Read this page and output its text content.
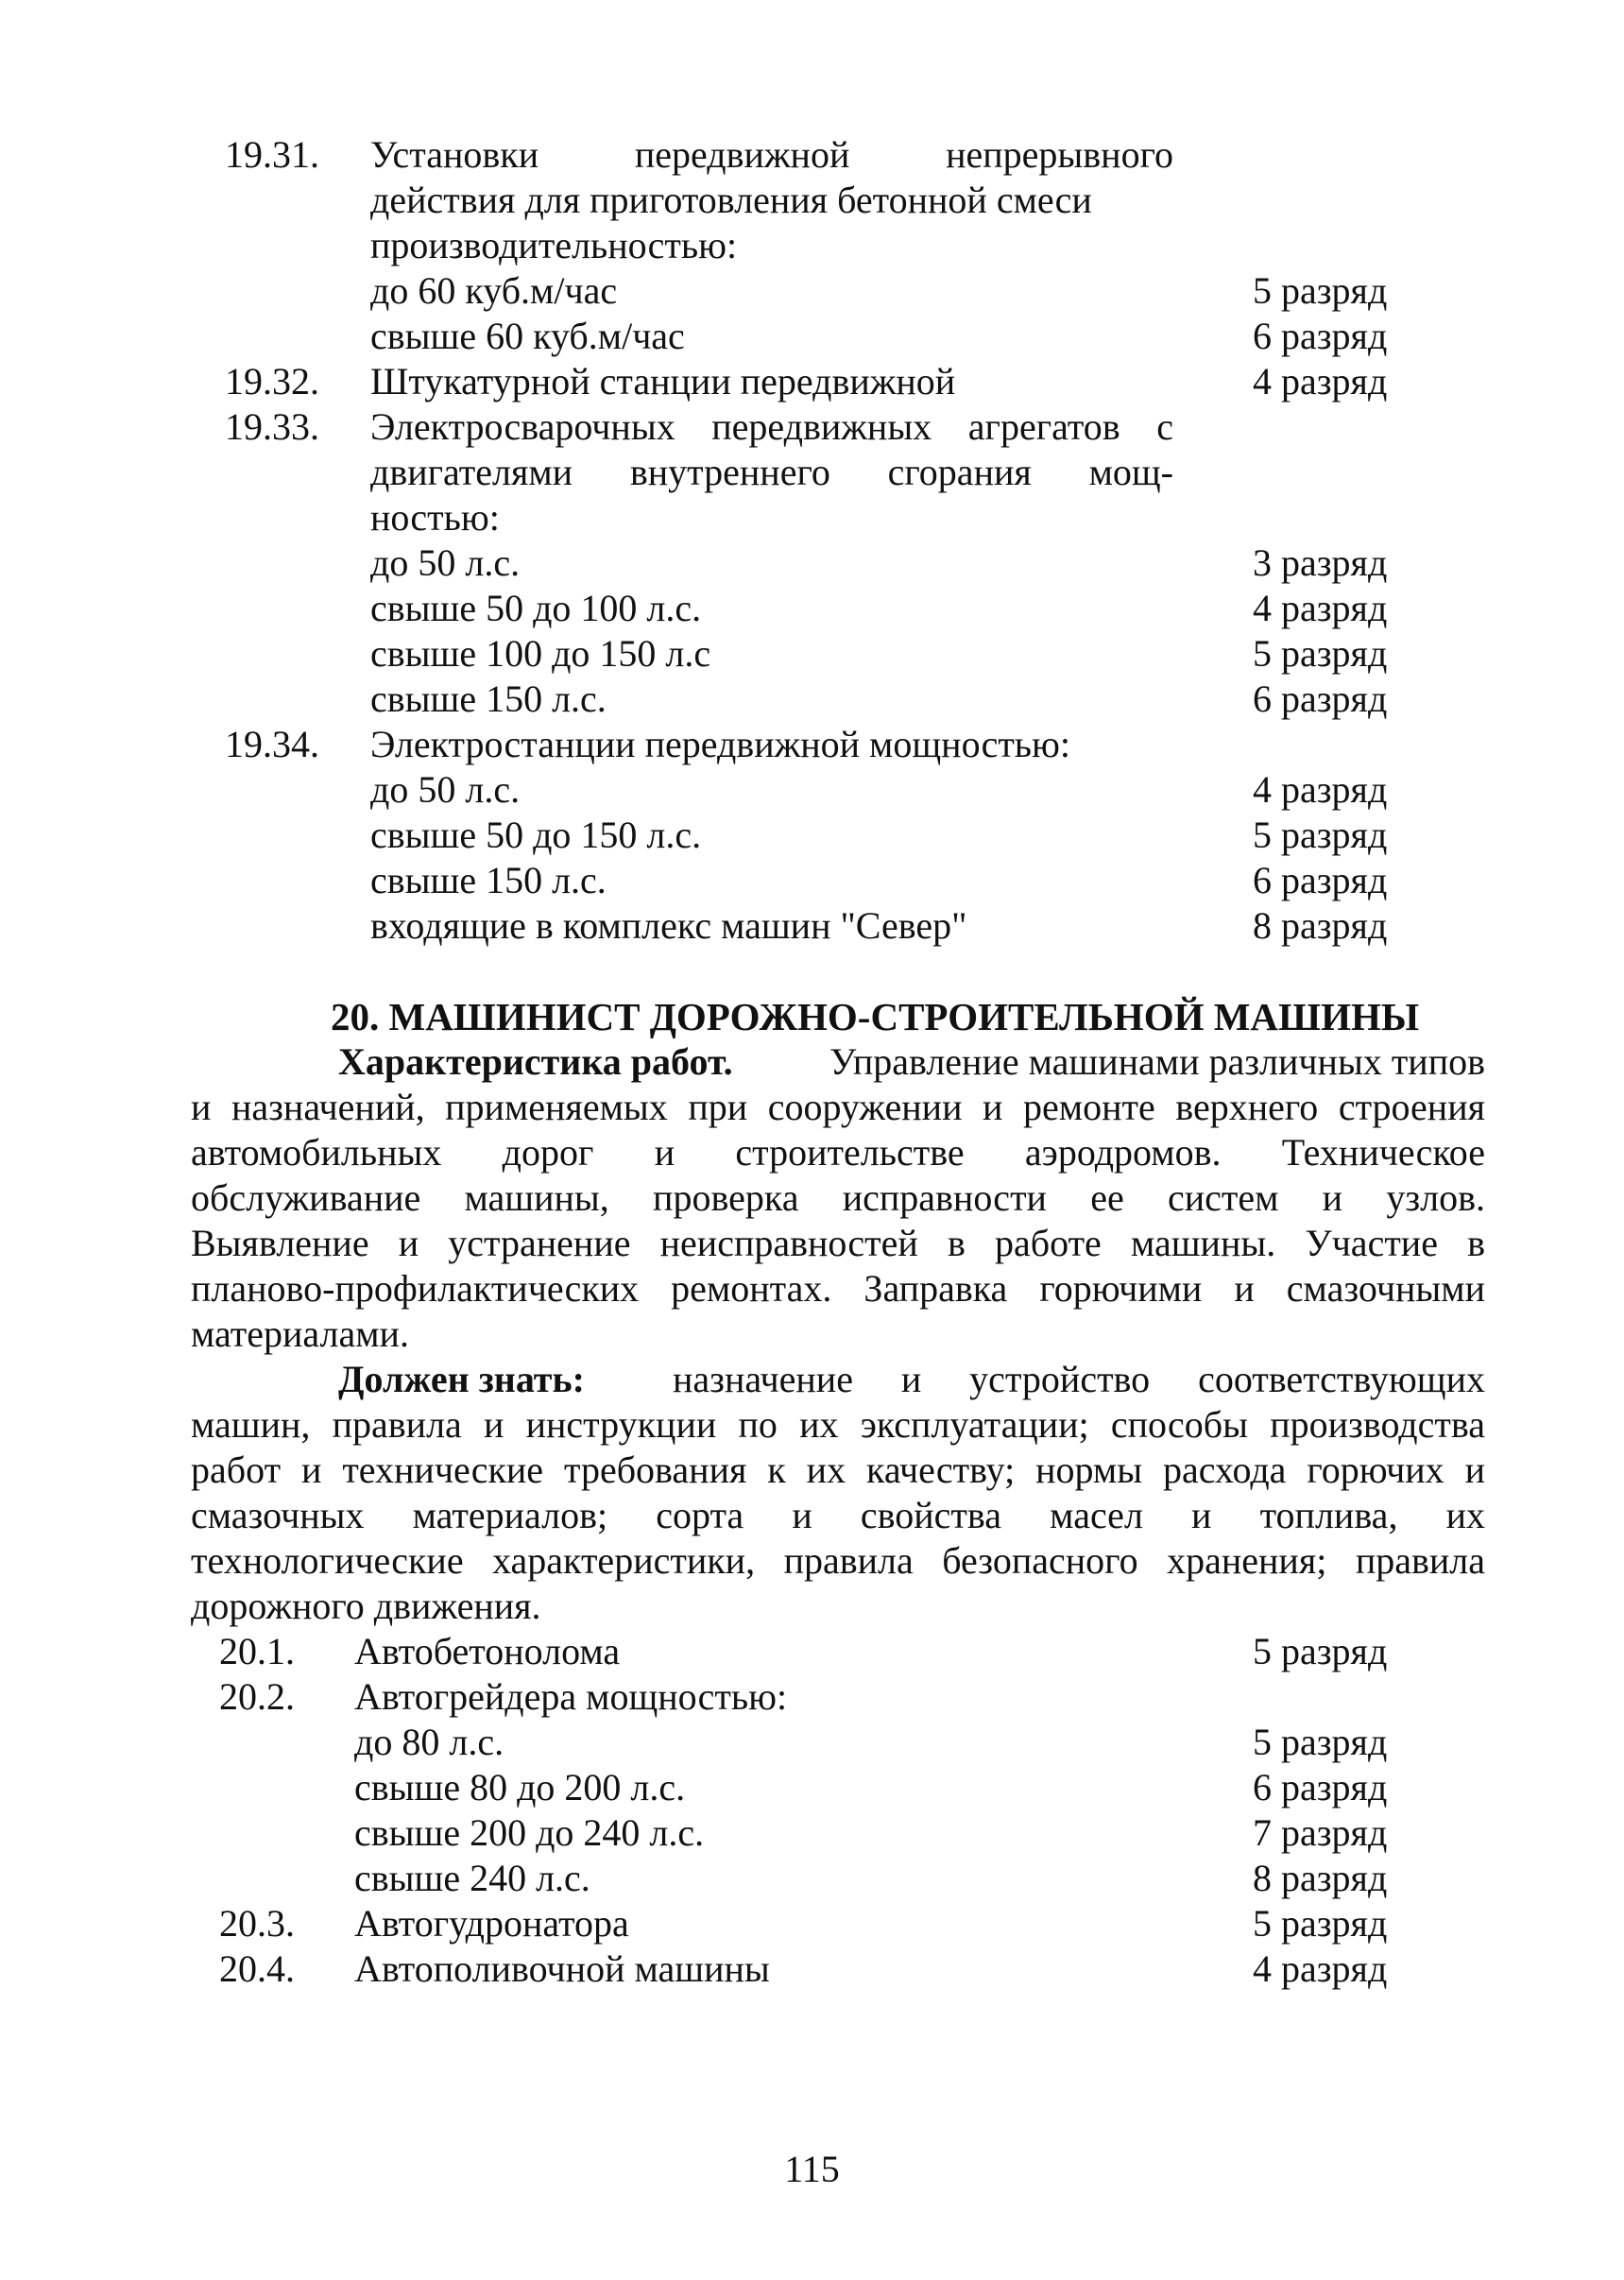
19.31. Установки передвижной непрерывного
действия для приготовления бетонной смеси
производительностью:
до 60 куб.м/час	5 разряд
свыше 60 куб.м/час	6 разряд
19.32. Штукатурной станции передвижной	4 разряд
19.33. Электросварочных передвижных агрегатов с
двигателями внутреннего сгорания мощ-
ностью:
до 50 л.с.	3 разряд
свыше 50 до 100 л.с.	4 разряд
свыше 100 до 150 л.с	5 разряд
свыше 150 л.с.	6 разряд
19.34. Электростанции передвижной мощностью:
до 50 л.с.	4 разряд
свыше 50 до 150 л.с.	5 разряд
свыше 150 л.с.	6 разряд
входящие в комплекс машин "Север"	8 разряд
20. МАШИНИСТ ДОРОЖНО-СТРОИТЕЛЬНОЙ МАШИНЫ
Характеристика работ.	Управление машинами различных типов
и назначений, применяемых при сооружении и ремонте верхнего строения
автомобильных дорог и строительстве аэродромов. Техническое
обслуживание машины, проверка исправности ее систем и узлов.
Выявление и устранение неисправностей в работе машины. Участие в
планово-профилактических ремонтах. Заправка горючими и смазочными
материалами.
Должен знать: назначение и устройство соответствующих
машин, правила и инструкции по их эксплуатации; способы производства
работ и технические требования к их качеству; нормы расхода горючих и
смазочных материалов; сорта и свойства масел и топлива, их
технологические характеристики, правила безопасного хранения; правила
дорожного движения.
20.1. Автобетонолома	5 разряд
20.2. Автогрейдера мощностью:
до 80 л.с.	5 разряд
свыше 80 до 200 л.с.	6 разряд
свыше 200 до 240 л.с.	7 разряд
свыше 240 л.с.	8 разряд
20.3. Автогудронатора	5 разряд
20.4. Автополивочной машины	4 разряд
115
